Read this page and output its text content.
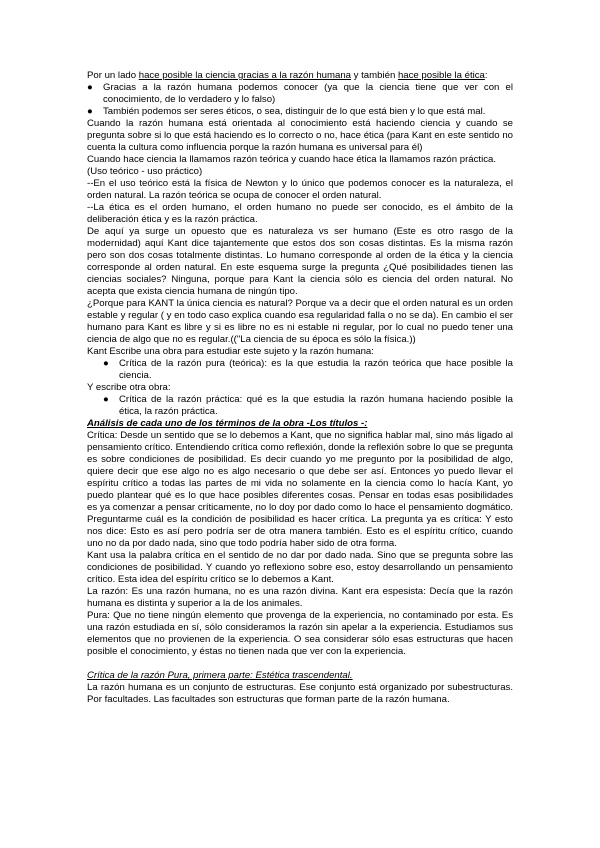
Por un lado hace posible la ciencia gracias a la razón humana y también hace posible la ética:

● Gracias a la razón humana podemos conocer (ya que la ciencia tiene que ver con el conocimiento, de lo verdadero y lo falso)
● También podemos ser seres éticos, o sea, distinguir de lo que está bien y lo que está mal.

Cuando la razón humana está orientada al conocimiento está haciendo ciencia y cuando se pregunta sobre si lo que está haciendo es lo correcto o no, hace ética (para Kant en este sentido no cuenta la cultura como influencia porque la razón humana es universal para él)

Cuando hace ciencia la llamamos razón teórica y cuando hace ética la llamamos razón práctica.

(Uso teórico - uso práctico)

--En el uso teórico está la física de Newton y lo único que podemos conocer es la naturaleza, el orden natural. La razón teórica se ocupa de conocer el orden natural.

--La ética es el orden humano, el orden humano no puede ser conocido, es el ámbito de la deliberación ética y es la razón práctica.

De aquí ya surge un opuesto que es naturaleza vs ser humano (Este es otro rasgo de la modernidad) aquí Kant dice tajantemente que estos dos son cosas distintas. Es la misma razón pero son dos cosas totalmente distintas. Lo humano corresponde al orden de la ética y la ciencia corresponde al orden natural. En este esquema surge la pregunta ¿Qué posibilidades tienen las ciencias sociales? Ninguna, porque para Kant la ciencia sólo es ciencia del orden natural. No acepta que exista ciencia humana de ningún tipo.

¿Porque para KANT la única ciencia es natural? Porque va a decir que el orden natural es un orden estable y regular ( y en todo caso explica cuando esa regularidad falla o no se da). En cambio el ser humano para Kant es libre y si es libre no es ni estable ni regular, por lo cual no puedo tener una ciencia de algo que no es regular.(("La ciencia de su época es sólo la física.))

Kant Escribe una obra para estudiar este sujeto y la razón humana:

● Crítica de la razón pura (teórica): es la que estudia la razón teórica que hace posible la ciencia.

Y escribe otra obra:

● Crítica de la razón práctica: qué es la que estudia la razón humana haciendo posible la ética, la razón práctica.

Análisis de cada uno de los términos de la obra -Los títulos -:

Crítica: Desde un sentido que se lo debemos a Kant, que no significa hablar mal, sino más ligado al pensamiento crítico. Entendiendo crítica como reflexión, donde la reflexión sobre lo que se pregunta es sobre condiciones de posibilidad. Es decir cuando yo me pregunto por la posibilidad de algo, quiere decir que ese algo no es algo necesario o que debe ser así. Entonces yo puedo llevar el espíritu crítico a todas las partes de mi vida no solamente en la ciencia como lo hacía Kant, yo puedo plantear qué es lo que hace posibles diferentes cosas. Pensar en todas esas posibilidades es ya comenzar a pensar críticamente, no lo doy por dado como lo hace el pensamiento dogmático. Preguntarme cuál es la condición de posibilidad es hacer crítica. La pregunta ya es crítica: Y esto nos dice: Esto es así pero podría ser de otra manera también. Esto es el espíritu crítico, cuando uno no da por dado nada, sino que todo podría haber sido de otra forma.

Kant usa la palabra crítica en el sentido de no dar por dado nada. Sino que se pregunta sobre las condiciones de posibilidad. Y cuando yo reflexiono sobre eso, estoy desarrollando un pensamiento crítico. Esta idea del espíritu crítico se lo debemos a Kant.

La razón: Es una razón humana, no es una razón divina. Kant era espesista: Decía que la razón humana es distinta y superior a la de los animales.

Pura: Que no tiene ningún elemento que provenga de la experiencia, no contaminado por esta. Es una razón estudiada en sí, sólo consideramos la razón sin apelar a la experiencia. Estudiamos sus elementos que no provienen de la experiencia. O sea considerar sólo esas estructuras que hacen posible el conocimiento, y éstas no tienen nada que ver con la experiencia.

Crítica de la razón Pura, primera parte: Estética trascendental.

La razón humana es un conjunto de estructuras. Ese conjunto está organizado por subestructuras. Por facultades. Las facultades son estructuras que forman parte de la razón humana.
